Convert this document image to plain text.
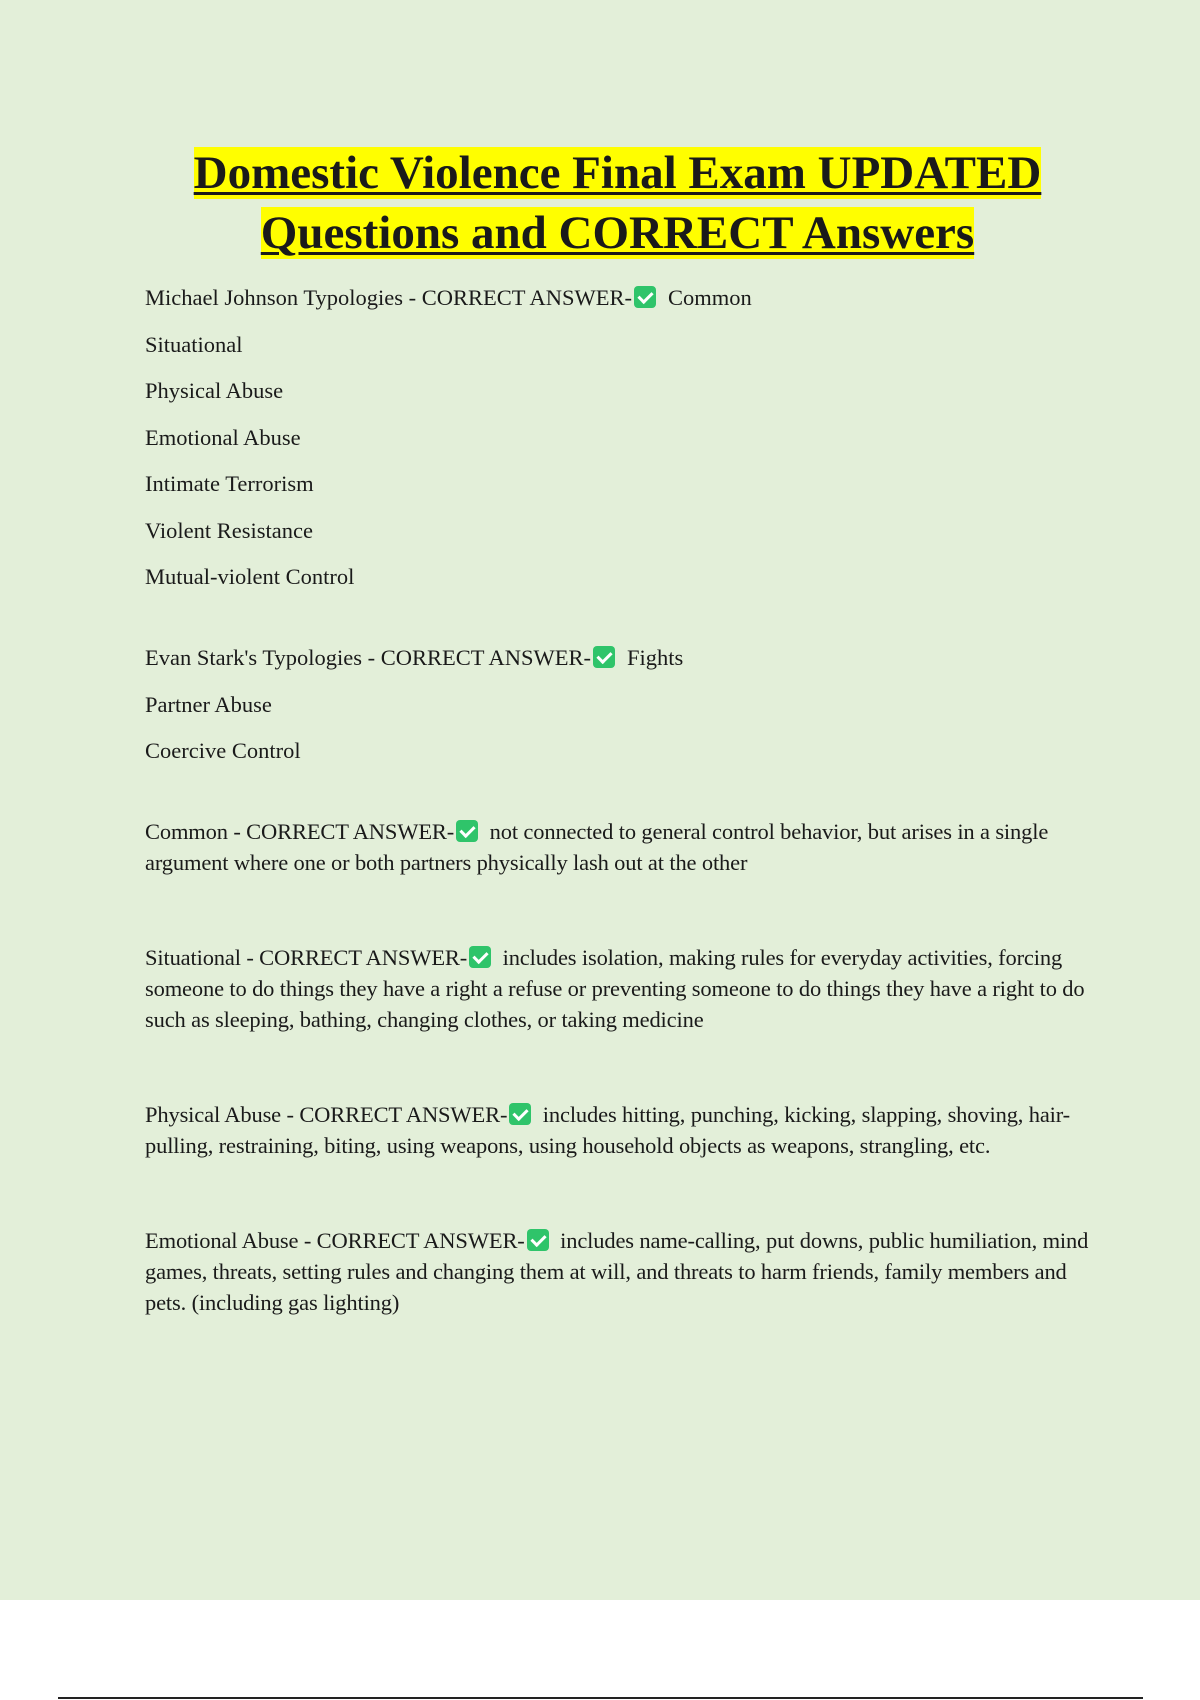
Domestic Violence Final Exam UPDATED
Questions and CORRECT Answers

Michael Johnson Typologies - CORRECT ANSWER- Common

Situational

Physical Abuse

Emotional Abuse

Intimate Terrorism

Violent Resistance

Mutual-violent Control

Evan Stark's Typologies - CORRECT ANSWER- Fights

Partner Abuse

Coercive Control

Common - CORRECT ANSWER- not connected to general control behavior, but arises in a single argument where one or both partners physically lash out at the other

Situational - CORRECT ANSWER- includes isolation, making rules for everyday activities, forcing someone to do things they have a right a refuse or preventing someone to do things they have a right to do such as sleeping, bathing, changing clothes, or taking medicine

Physical Abuse - CORRECT ANSWER- includes hitting, punching, kicking, slapping, shoving, hair-pulling, restraining, biting, using weapons, using household objects as weapons, strangling, etc.

Emotional Abuse - CORRECT ANSWER- includes name-calling, put downs, public humiliation, mind games, threats, setting rules and changing them at will, and threats to harm friends, family members and pets. (including gas lighting)
